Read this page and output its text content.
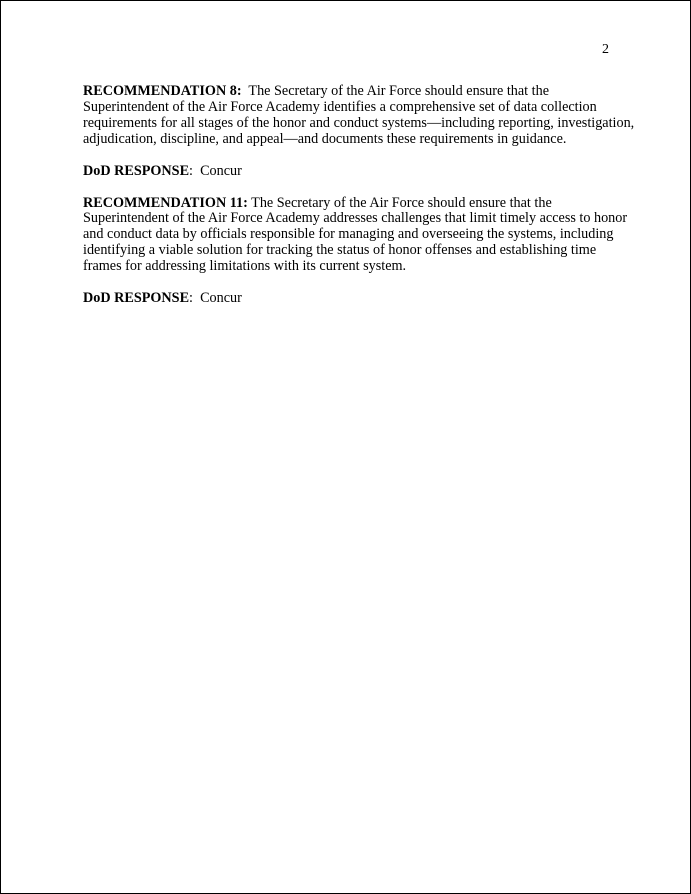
2

RECOMMENDATION 8:  The Secretary of the Air Force should ensure that the
Superintendent of the Air Force Academy identifies a comprehensive set of data collection
requirements for all stages of the honor and conduct systems—including reporting, investigation,
adjudication, discipline, and appeal—and documents these requirements in guidance.

DoD RESPONSE:  Concur

RECOMMENDATION 11: The Secretary of the Air Force should ensure that the
Superintendent of the Air Force Academy addresses challenges that limit timely access to honor
and conduct data by officials responsible for managing and overseeing the systems, including
identifying a viable solution for tracking the status of honor offenses and establishing time
frames for addressing limitations with its current system.

DoD RESPONSE:  Concur
